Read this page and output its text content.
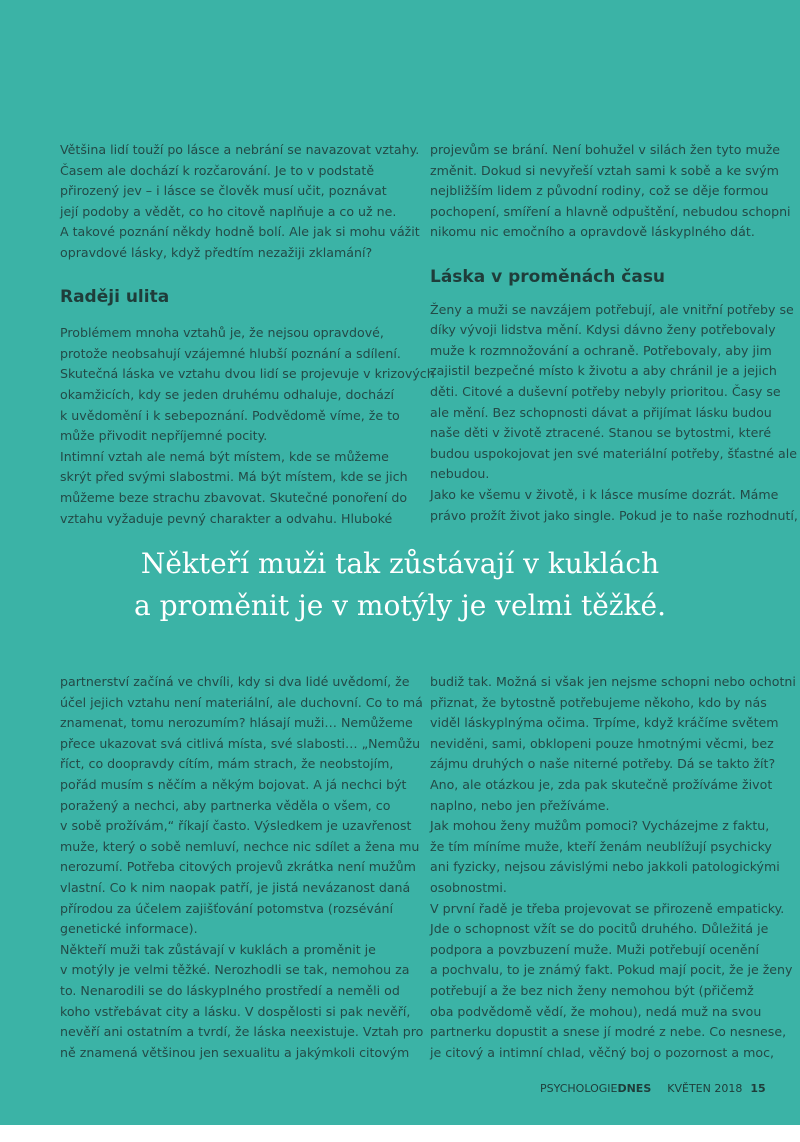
Většina lidí touží po lásce a nebrání se navazovat vztahy.

Časem ale dochází k rozčarování. Je to v podstatě

přirozený jev – i lásce se člověk musí učit, poznávat

její podoby a vědět, co ho citově naplňuje a co už ne.

A takové poznání někdy hodně bolí. Ale jak si mohu vážit

opravdové lásky, když předtím nezažiji zklamání?

Raději ulita

Problémem mnoha vztahů je, že nejsou opravdové,

protože neobsahují vzájemné hlubší poznání a sdílení.

Skutečná láska ve vztahu dvou lidí se projevuje v krizových

okamžicích, kdy se jeden druhému odhaluje, dochází

k uvědomění i k sebepoznání. Podvědomě víme, že to

může přivodit nepříjemné pocity.

Intimní vztah ale nemá být místem, kde se můžeme

skrýt před svými slabostmi. Má být místem, kde se jich

můžeme beze strachu zbavovat. Skutečné ponoření do

vztahu vyžaduje pevný charakter a odvahu. Hluboké

projevům se brání. Není bohužel v silách žen tyto muže

změnit. Dokud si nevyřeší vztah sami k sobě a ke svým

nejbližším lidem z původní rodiny, což se děje formou

pochopení, smíření a hlavně odpuštění, nebudou schopni

nikomu nic emočního a opravdově láskyplného dát.

Láska v proměnách času

Ženy a muži se navzájem potřebují, ale vnitřní potřeby se

díky vývoji lidstva mění. Kdysi dávno ženy potřebovaly

muže k rozmnožování a ochraně. Potřebovaly, aby jim

zajistil bezpečné místo k životu a aby chránil je a jejich

děti. Citové a duševní potřeby nebyly prioritou. Časy se

ale mění. Bez schopnosti dávat a přijímat lásku budou

naše děti v životě ztracené. Stanou se bytostmi, které

budou uspokojovat jen své materiální potřeby, šťastné ale

nebudou.

Jako ke všemu v životě, i k lásce musíme dozrát. Máme

právo prožít život jako single. Pokud je to naše rozhodnutí,

Někteří muži tak zůstávají v kuklách
a proměnit je v motýly je velmi těžké.

partnerství začíná ve chvíli, kdy si dva lidé uvědomí, že

účel jejich vztahu není materiální, ale duchovní. Co to má

znamenat, tomu nerozumím? hlásají muži… Nemůžeme

přece ukazovat svá citlivá místa, své slabosti… „Nemůžu

říct, co doopravdy cítím, mám strach, že neobstojím,

pořád musím s něčím a někým bojovat. A já nechci být

poražený a nechci, aby partnerka věděla o všem, co

v sobě prožívám,“ říkají často. Výsledkem je uzavřenost

muže, který o sobě nemluví, nechce nic sdílet a žena mu

nerozumí. Potřeba citových projevů zkrátka není mužům

vlastní. Co k nim naopak patří, je jistá nevázanost daná

přírodou za účelem zajišťování potomstva (rozsévání

genetické informace).

Někteří muži tak zůstávají v kuklách a proměnit je

v motýly je velmi těžké. Nerozhodli se tak, nemohou za

to. Nenarodili se do láskyplného prostředí a neměli od

koho vstřebávat city a lásku. V dospělosti si pak nevěří,

nevěří ani ostatním a tvrdí, že láska neexistuje. Vztah pro

ně znamená většinou jen sexualitu a jakýmkoli citovým

budiž tak. Možná si však jen nejsme schopni nebo ochotni

přiznat, že bytostně potřebujeme někoho, kdo by nás

viděl láskyplnýma očima. Trpíme, když kráčíme světem

neviděni, sami, obklopeni pouze hmotnými věcmi, bez

zájmu druhých o naše niterné potřeby. Dá se takto žít?

Ano, ale otázkou je, zda pak skutečně prožíváme život

naplno, nebo jen přežíváme.

Jak mohou ženy mužům pomoci? Vycházejme z faktu,

že tím míníme muže, kteří ženám neublížují psychicky

ani fyzicky, nejsou závislými nebo jakkoli patologickými

osobnostmi.

V první řadě je třeba projevovat se přirozeně empaticky.

Jde o schopnost vžít se do pocitů druhého. Důležitá je

podpora a povzbuzení muže. Muži potřebují ocenění

a pochvalu, to je známý fakt. Pokud mají pocit, že je ženy

potřebují a že bez nich ženy nemohou být (přičemž

oba podvědomě vědí, že mohou), nedá muž na svou

partnerku dopustit a snese jí modré z nebe. Co nesnese,

je citový a intimní chlad, věčný boj o pozornost a moc,

PSYCHOLOGIEDNES KVĚTEN 2018 15
